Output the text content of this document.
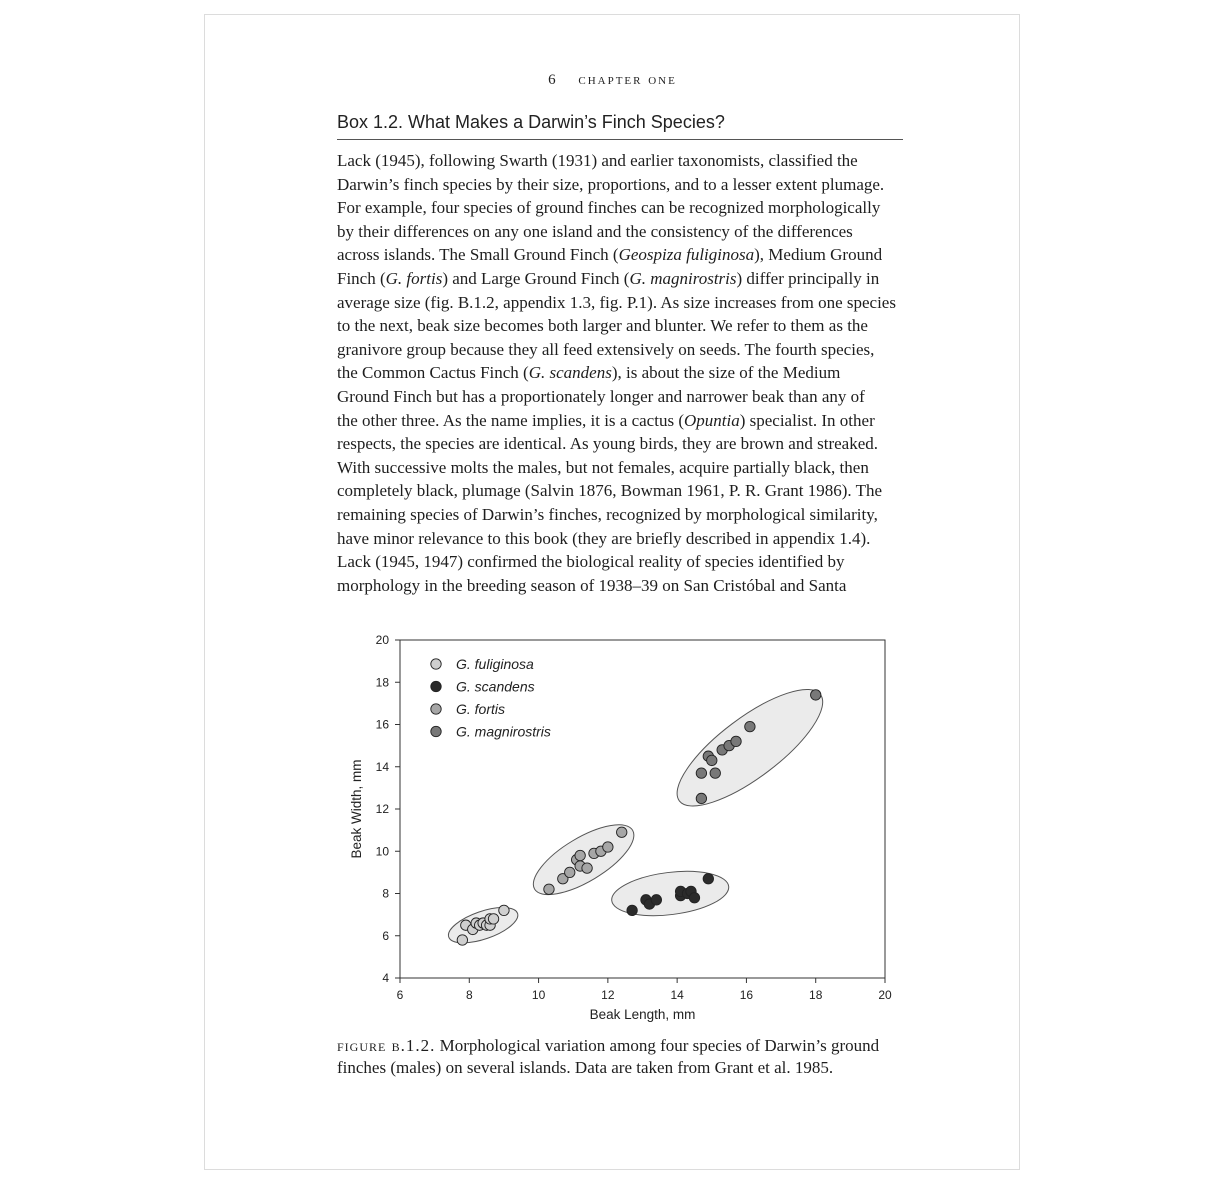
6 chapter one
Box 1.2. What Makes a Darwin’s Finch Species?
Lack (1945), following Swarth (1931) and earlier taxonomists, classified the
Darwin’s finch species by their size, proportions, and to a lesser extent plumage.
For example, four species of ground finches can be recognized morphologically
by their differences on any one island and the consistency of the differences
across islands. The Small Ground Finch (Geospiza fuliginosa), Medium Ground
Finch (G. fortis) and Large Ground Finch (G. magnirostris) differ principally in
average size (fig. B.1.2, appendix 1.3, fig. P.1). As size increases from one species
to the next, beak size becomes both larger and blunter. We refer to them as the
granivore group because they all feed extensively on seeds. The fourth species,
the Common Cactus Finch (G. scandens), is about the size of the Medium
Ground Finch but has a proportionately longer and narrower beak than any of
the other three. As the name implies, it is a cactus (Opuntia) specialist. In other
respects, the species are identical. As young birds, they are brown and streaked.
With successive molts the males, but not females, acquire partially black, then
completely black, plumage (Salvin 1876, Bowman 1961, P. R. Grant 1986). The
remaining species of Darwin’s finches, recognized by morphological similarity,
have minor relevance to this book (they are briefly described in appendix 1.4).
Lack (1945, 1947) confirmed the biological reality of species identified by
morphology in the breeding season of 1938–39 on San Cristóbal and Santa
6	8	10	12	14	16	18	20
4
6
8
10
12
14
16
18
20
Beak Length, mm
Beak Width, mm
G. fuliginosa
G. scandens
G. fortis
G. magnirostris
figure b.1.2. Morphological variation among four species of Darwin’s ground finches (males) on several islands. Data are taken from Grant et al. 1985.
